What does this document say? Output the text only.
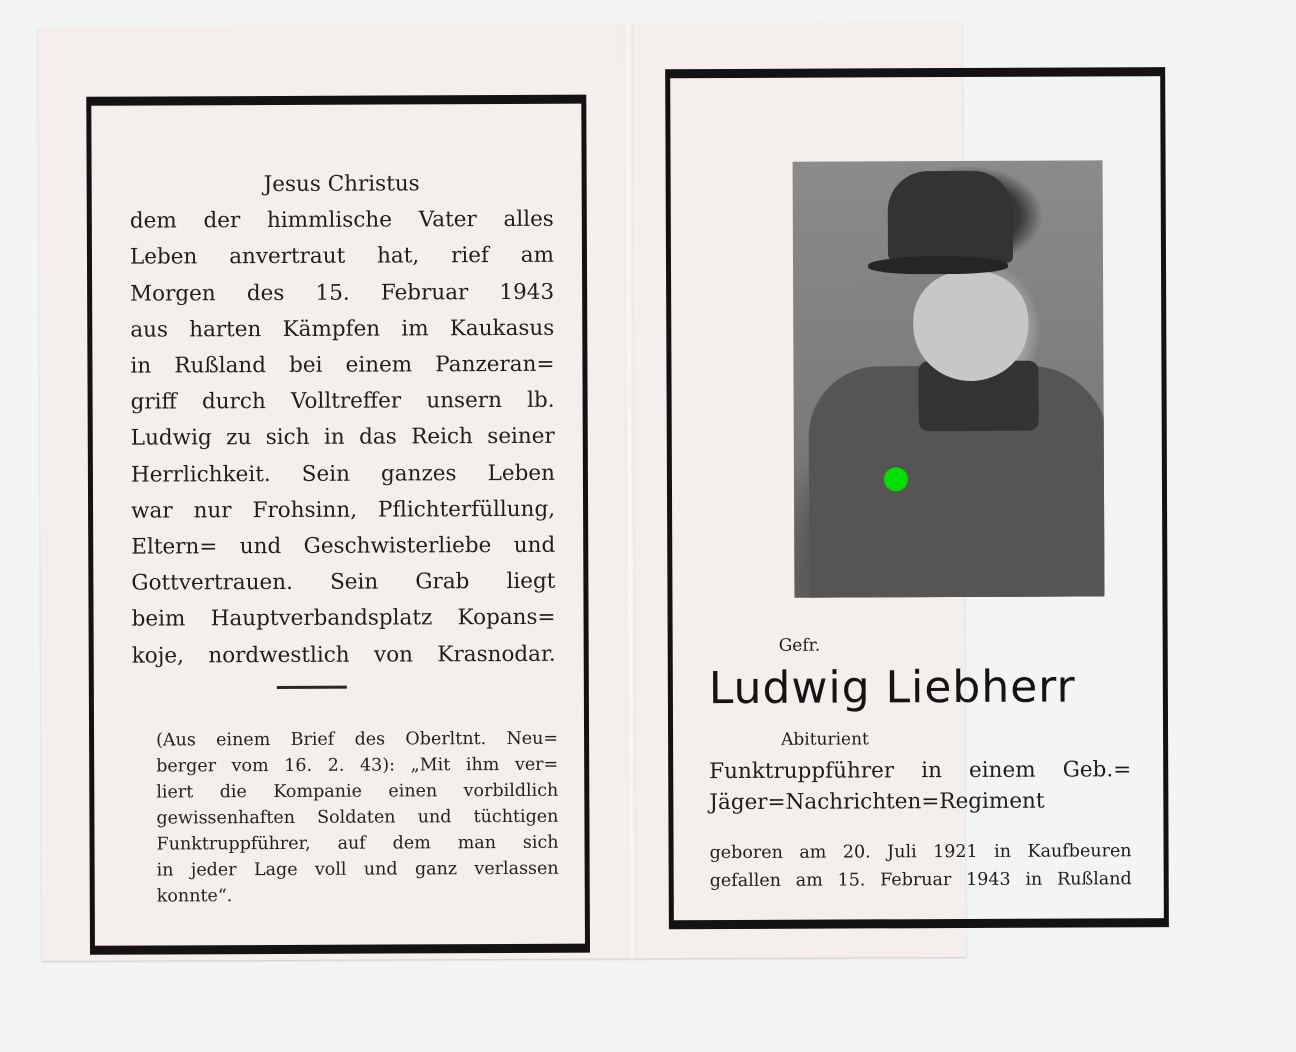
Jesus Christus
dem der himmlische Vater alles
Leben anvertraut hat, rief am
Morgen des 15. Februar 1943
aus harten Kämpfen im Kaukasus
in Rußland bei einem Panzeran=
griff durch Volltreffer unsern lb.
Ludwig zu sich in das Reich seiner
Herrlichkeit. Sein ganzes Leben
war nur Frohsinn, Pflichterfüllung,
Eltern= und Geschwisterliebe und
Gottvertrauen. Sein Grab liegt
beim Hauptverbandsplatz Kopans=
koje, nordwestlich von Krasnodar.
(Aus einem Brief des Oberltnt. Neu=
berger vom 16. 2. 43): „Mit ihm ver=
liert die Kompanie einen vorbildlich
gewissenhaften Soldaten und tüchtigen
Funktruppführer, auf dem man sich
in jeder Lage voll und ganz verlassen
konnte“.
Gefr.
Ludwig Liebherr
Abiturient
Funktruppführer in einem Geb.=
Jäger=Nachrichten=Regiment
geboren am 20. Juli 1921 in Kaufbeuren
gefallen am 15. Februar 1943 in Rußland
